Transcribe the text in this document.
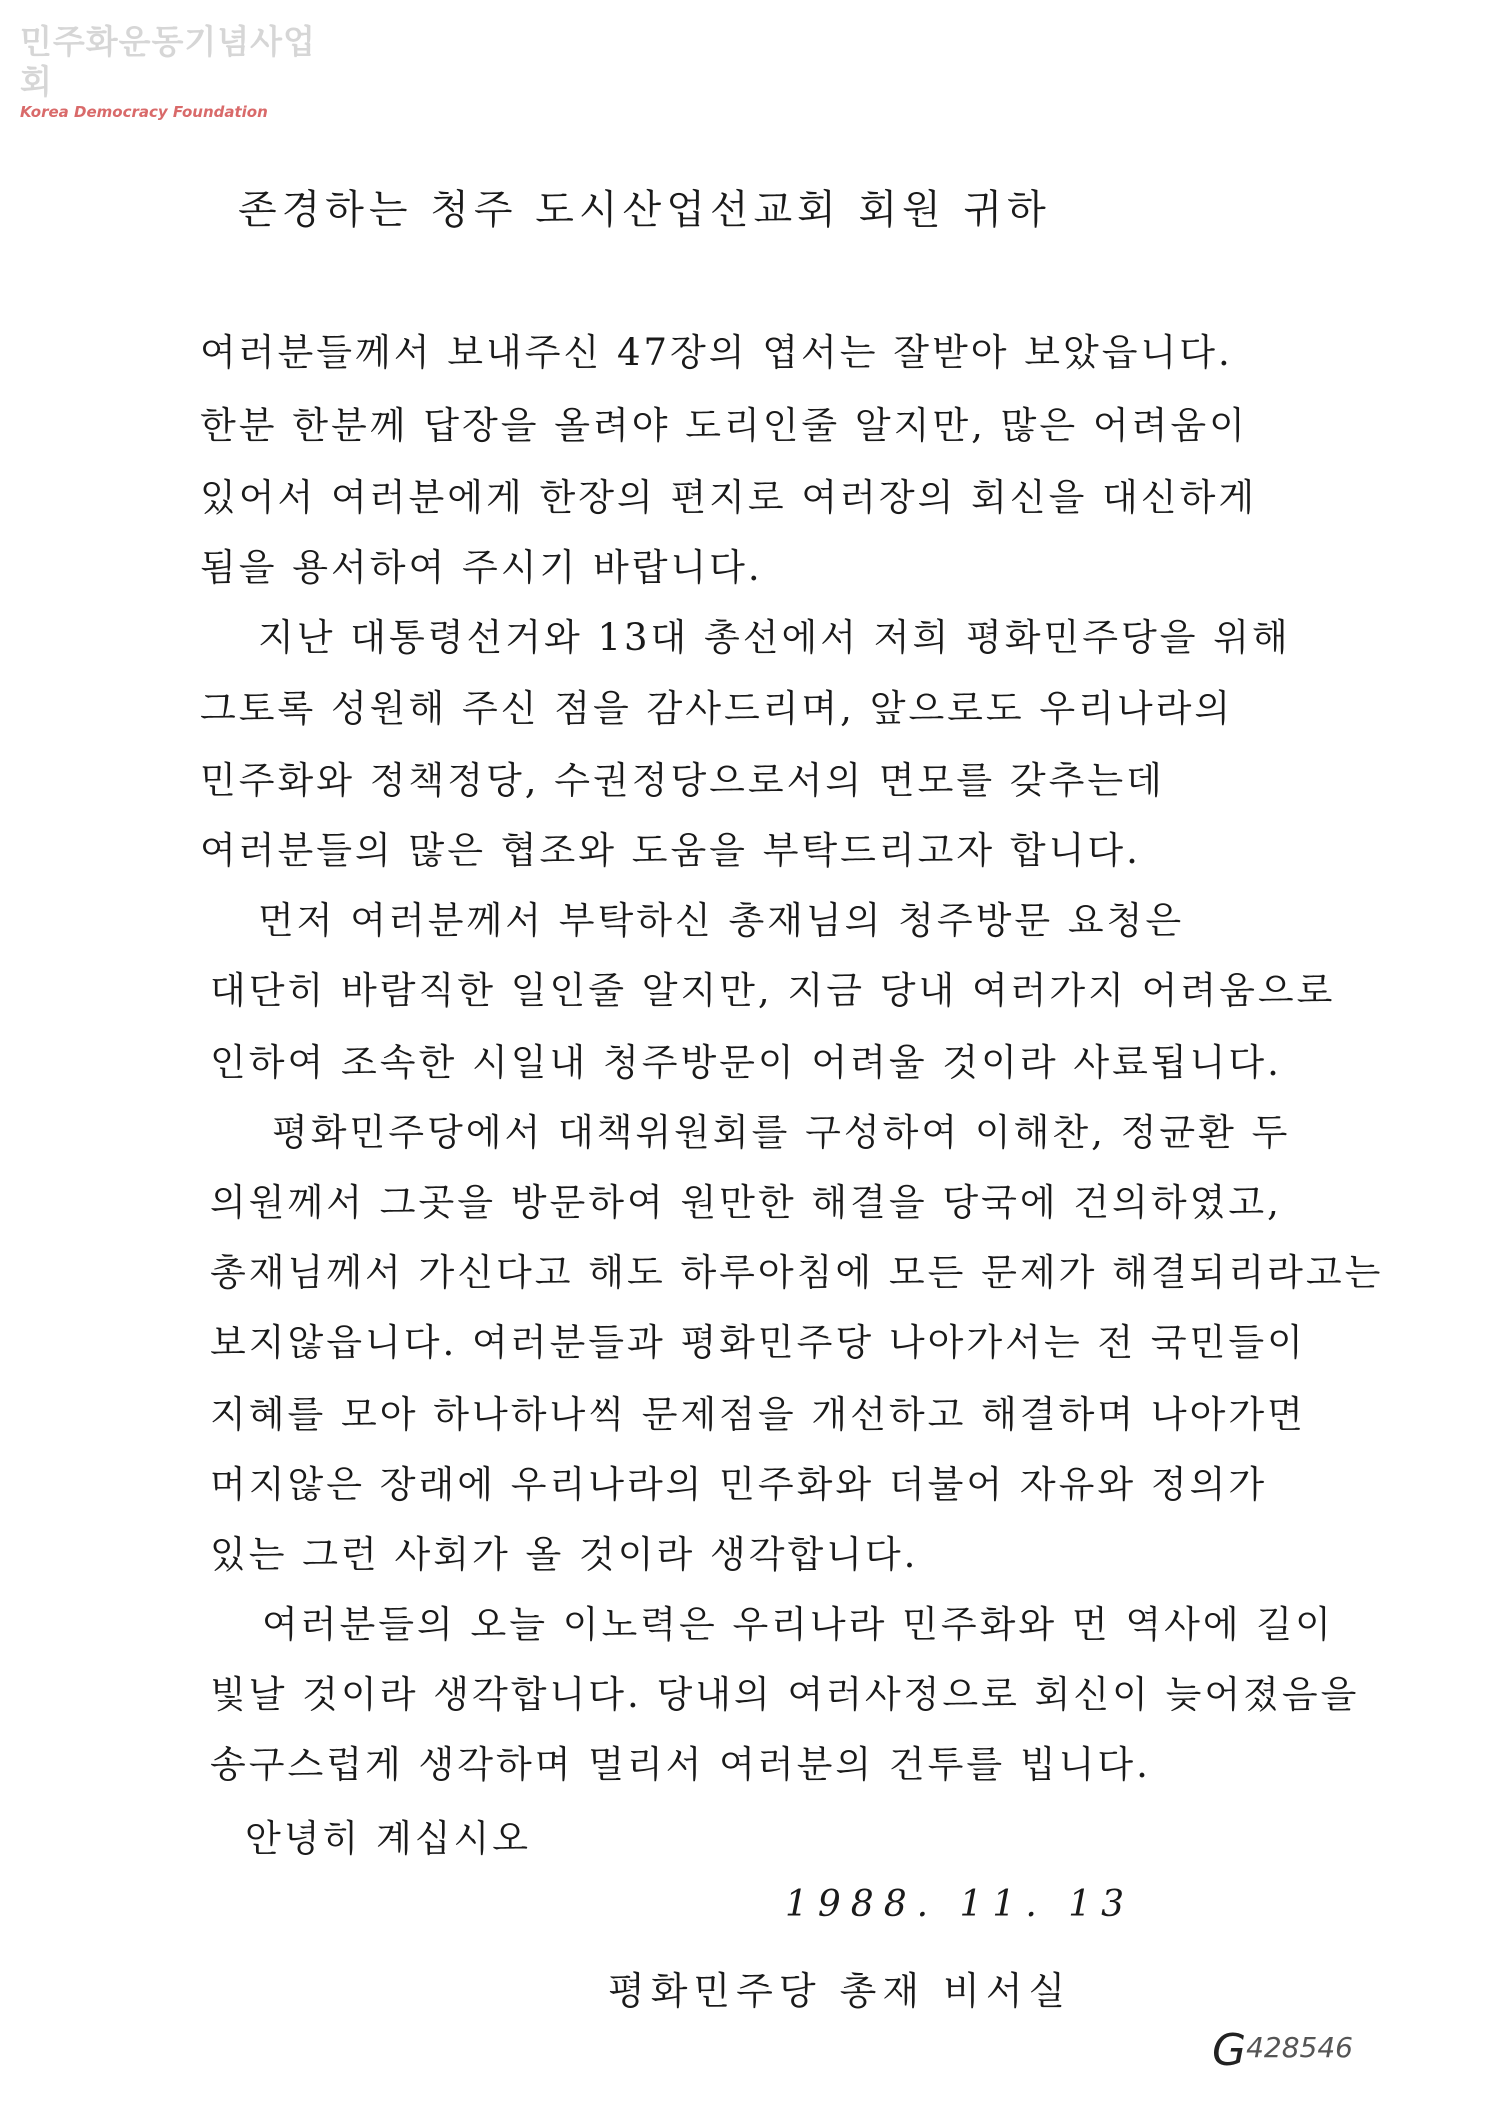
민주화운동기념사업회
Korea Democracy Foundation
존경하는 청주 도시산업선교회 회원 귀하
여러분들께서 보내주신 47장의 엽서는 잘받아 보았읍니다.
한분 한분께 답장을 올려야 도리인줄 알지만, 많은 어려움이
있어서 여러분에게 한장의 편지로 여러장의 회신을 대신하게
됨을 용서하여 주시기 바랍니다.
지난 대통령선거와 13대 총선에서 저희 평화민주당을 위해
그토록 성원해 주신 점을 감사드리며, 앞으로도 우리나라의
민주화와 정책정당, 수권정당으로서의 면모를 갖추는데
여러분들의 많은 협조와 도움을 부탁드리고자 합니다.
먼저 여러분께서 부탁하신 총재님의 청주방문 요청은
대단히 바람직한 일인줄 알지만, 지금 당내 여러가지 어려움으로
인하여 조속한 시일내 청주방문이 어려울 것이라 사료됩니다.
평화민주당에서 대책위원회를 구성하여 이해찬, 정균환 두
의원께서 그곳을 방문하여 원만한 해결을 당국에 건의하였고,
총재님께서 가신다고 해도 하루아침에 모든 문제가 해결되리라고는
보지않읍니다. 여러분들과 평화민주당 나아가서는 전 국민들이
지혜를 모아 하나하나씩 문제점을 개선하고 해결하며 나아가면
머지않은 장래에 우리나라의 민주화와 더불어 자유와 정의가
있는 그런 사회가 올 것이라 생각합니다.
여러분들의 오늘 이노력은 우리나라 민주화와 먼 역사에 길이
빛날 것이라 생각합니다. 당내의 여러사정으로 회신이 늦어졌음을
송구스럽게 생각하며 멀리서 여러분의 건투를 빕니다.
안녕히 계십시오
1988. 11. 13
평화민주당 총재 비서실
$G^{428546}$
